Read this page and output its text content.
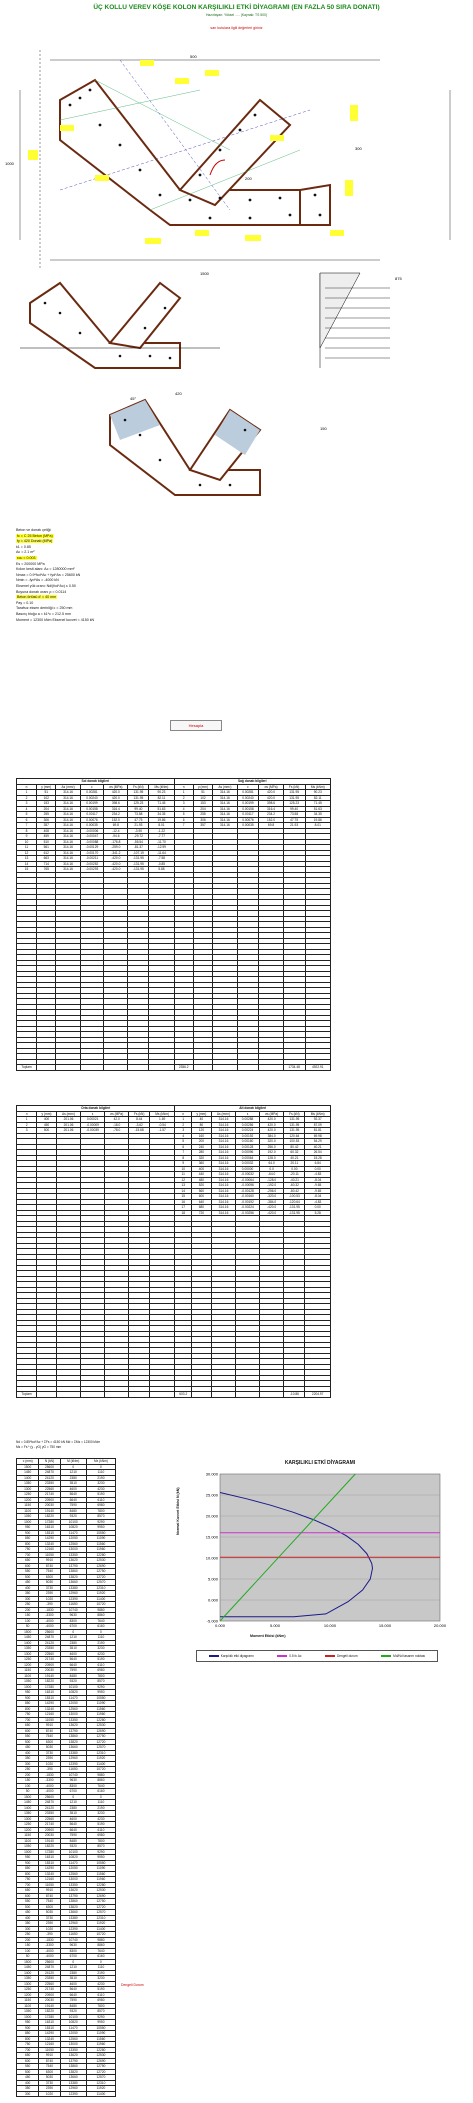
ÜÇ KOLLU VEREV KÖŞE KOLON KARŞILIKLI ETKİ DİYAGRAMI (EN FAZLA 50 SIRA DONATI)
Hazırlayan: Yüksel ..... (Kaynak: TS 500)
sarı kutulara ilgili değerleri giriniz
1500
500
300
1000
200
875
420
150
45°
Beton ve donatı çeliği:
fc = C 25 Beton (MPa)
fy = 420 Donatı (MPa)
k1 = 0.85
Ac = 2.1 m²
εcu = 0.003
Es = 200000 MPa
Kolon kesit alanı: Ac = 1280000 mm²
Nmax = 0.9*fcd*Ac + fyd*As = 25600 kN
Nmin = -fyd*As = -4000 kN
Eksenel yük oranı: Nd/(fcd*Ac) ≤ 0.50
Boyuna donatı oranı ρ = 0.0114
Beton örtüsü d' = 40 mm
Pay = 0.10
Tarafsız eksen derinliği c = 250 mm
Basınç bloğu a = k1*c = 212.5 mm
Moment = 12300 kNm Eksenel kuvvet = 4150 kN
Hesapla
Sol donatı bilgileri							Sağ donatı bilgileri						
n	y (mm)	As (mm²)	ε	σs (MPa)	Fs (kN)	Ms (kNm)	n	y (mm)	As (mm²)	ε	σs (MPa)	Fs (kN)	Ms (kNm)
1	51	314.16	0.00281	420.0	131.95	90.23	1	51	314.16	0.00281	420.0	131.95	90.23
2	102	314.16	0.00240	420.0	131.95	82.11	2	102	314.16	0.00240	420.0	131.95	82.11
3	153	314.16	0.00199	398.6	125.23	71.45	3	153	314.16	0.00199	398.6	125.23	71.45
4	204	314.16	0.00158	316.4	99.40	51.63	4	204	314.16	0.00158	316.4	99.40	51.63
5	255	314.16	0.00117	234.2	73.58	34.35	5	255	314.16	0.00117	234.2	73.58	34.35
6	306	314.16	0.00076	152.0	47.75	19.86	6	306	314.16	0.00076	152.0	47.75	19.86
7	357	314.16	0.00035	69.8	21.93	8.01	7	357	314.16	0.00035	69.8	21.93	8.01
8	408	314.16	-0.00006	-12.4	-3.90	-1.22							
9	459	314.16	-0.00047	-94.6	-29.72	-7.77							
10	510	314.16	-0.00088	-176.8	-55.54	-11.70							
11	561	314.16	-0.00129	-259.0	-81.37	-12.99							
12	612	314.16	-0.00170	-341.2	-107.19	-11.64							
13	663	314.16	-0.00211	-420.0	-131.95	-7.58							
14	714	314.16	-0.00252	-420.0	-131.95	-0.85							
15	765	314.16	-0.00293	-420.0	-131.95	5.88							

Toplam							2356.2					1734.48	4922.91
Orta donatı bilgileri							Alt donatı bilgileri						
n	y (mm)	As (mm²)	ε	σs (MPa)	Fs (kN)	Ms (kNm)	n	y (mm)	As (mm²)	ε	σs (MPa)	Fs (kN)	Ms (kNm)
1	400	201.06	0.00021	42.0	8.44	1.69	1	40	314.16	0.00288	420.0	131.95	92.37
2	450	201.06	-0.00009	-18.0	-3.62	-0.54	2	80	314.16	0.00256	420.0	131.95	87.09
3	500	201.06	-0.00039	-78.0	-15.68	-1.57	3	120	314.16	0.00224	420.0	131.95	81.81
							4	160	314.16	0.00192	384.0	120.64	69.98
							5	200	314.16	0.00160	320.0	100.53	54.29
							6	240	314.16	0.00128	256.0	80.42	40.21
							7	280	314.16	0.00096	192.0	60.32	26.54
							8	320	314.16	0.00064	128.0	40.21	15.28
							9	360	314.16	0.00032	64.0	20.11	6.84
							10	400	314.16	0.00000	0.0	0.00	0.00
							11	440	314.16	-0.00032	-64.0	-20.11	-4.83
							12	480	314.16	-0.00064	-128.0	-40.21	-8.04
							13	520	314.16	-0.00096	-192.0	-60.32	-9.65
							14	560	314.16	-0.00128	-256.0	-80.42	-9.65
							15	600	314.16	-0.00160	-320.0	-100.53	-8.04
							16	640	314.16	-0.00192	-384.0	-120.64	-4.83
							17	680	314.16	-0.00224	-420.0	-131.95	0.00
							18	720	314.16	-0.00256	-420.0	-131.95	5.28

Toplam							603.2					-10.86	2204.97
Nd = 0.85*fcd*Ac + ΣFs = 4150 kN Md = ΣMs = 12300 kNm
Ms = Fs * (y - yG) yG = 750 mm
c (mm)	N (kN)	M (kNm)	Mx (kNm)
1500	25600	0	0
1450	24870	1210	1110
1400	24120	2380	2190
1350	23350	3510	3230
1300	22560	4600	4230
1250	21740	5640	5190
1200	20900	6640	6110
1150	20030	7590	6980
1100	19140	8480	7800
1050	18220	9320	8570
1000	17280	10100	9290
950	16310	10820	9950
900	15310	11470	10550
850	14290	12050	11090
800	13240	12560	11560
750	12160	13000	11960
700	11050	13350	12280
650	9910	13620	12530
600	8740	13790	12690
550	7540	13860	12750
500	6300	13820	12720
450	5030	13660	12570
400	3730	13380	12310
350	2390	12960	11920
300	1020	12390	11400
250	-390	11650	10720
200	-1830	10740	9880
150	-3300	9630	8860
100	-4000	8300	7640
50	-4000	6700	6160
1500	25600	0	0
1450	24870	1210	1110
1400	24120	2380	2190
1350	23350	3510	3230
1300	22560	4600	4230
1250	21740	5640	5190
1200	20900	6640	6110
1150	20030	7590	6980
1100	19140	8480	7800
1050	18220	9320	8570
1000	17280	10100	9290
950	16310	10820	9950
900	15310	11470	10550
850	14290	12050	11090
800	13240	12560	11560
750	12160	13000	11960
700	11050	13350	12280
650	9910	13620	12530
600	8740	13790	12690
550	7540	13860	12750
500	6300	13820	12720
450	5030	13660	12570
400	3730	13380	12310
350	2390	12960	11920
300	1020	12390	11400
250	-390	11650	10720
200	-1830	10740	9880
150	-3300	9630	8860
100	-4000	8300	7640
50	-4000	6700	6160
1500	25600	0	0
1450	24870	1210	1110
1400	24120	2380	2190
1350	23350	3510	3230
1300	22560	4600	4230
1250	21740	5640	5190
1200	20900	6640	6110
1150	20030	7590	6980
1100	19140	8480	7800
1050	18220	9320	8570
1000	17280	10100	9290
950	16310	10820	9950
900	15310	11470	10550
850	14290	12050	11090
800	13240	12560	11560
750	12160	13000	11960
700	11050	13350	12280
650	9910	13620	12530
600	8740	13790	12690
550	7540	13860	12750
500	6300	13820	12720
450	5030	13660	12570
400	3730	13380	12310
350	2390	12960	11920
300	1020	12390	11400
250	-390	11650	10720
200	-1830	10740	9880
150	-3300	9630	8860
100	-4000	8300	7640
50	-4000	6700	6160
1500	25600	0	0
1450	24870	1210	1110
1400	24120	2380	2190
1350	23350	3510	3230
1300	22560	4600	4230
1250	21740	5640	5190
1200	20900	6640	6110
1150	20030	7590	6980
1100	19140	8480	7800
1050	18220	9320	8570
1000	17280	10100	9290
950	16310	10820	9950
900	15310	11470	10550
850	14290	12050	11090
800	13240	12560	11560
750	12160	13000	11960
700	11050	13350	12280
650	9910	13620	12530
600	8740	13790	12690
550	7540	13860	12750
500	6300	13820	12720
450	5030	13660	12570
400	3730	13380	12310
350	2390	12960	11920
300	1020	12390	11400
Dengeli Durum
KARŞILIKLI ETKİ DİYAGRAMI
Normal Kuvvet Etkisi N (kN)
Moment Etkisi (kNm)
-5.000
0.000
5.000
10.000
15.000
20.000
25.000
30.000
0.000	5.000	10.000	15.000	20.000
Karşılıklı etki diyagramı	0.5 fc Ac	Dengeli durum	Md/Nd tasarım noktası
